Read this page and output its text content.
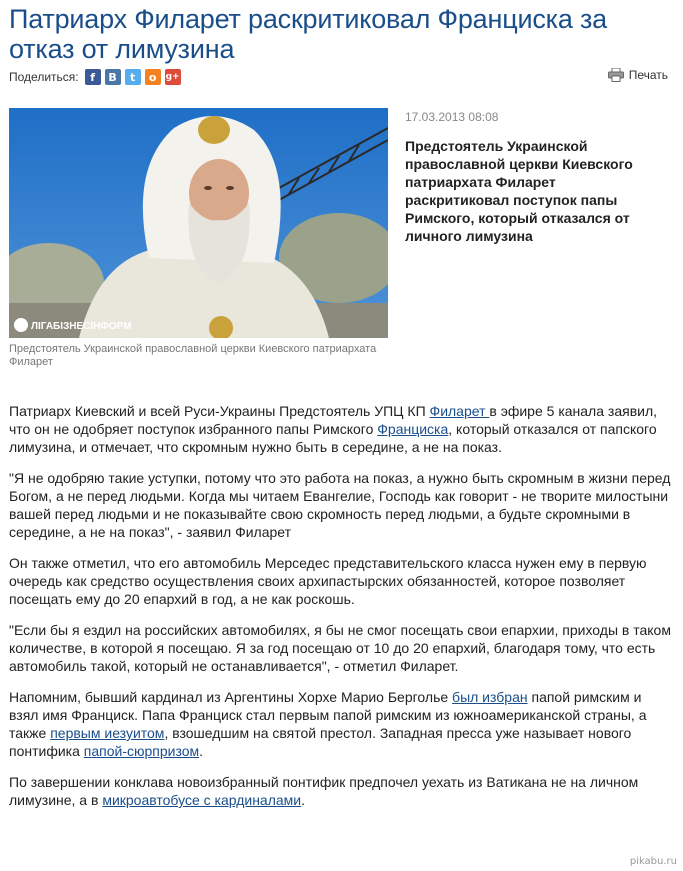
Патриарх Филарет раскритиковал Франциска за отказ от лимузина
Поделиться:	f	В	t	о	g+	Печать
ЛІГАБІЗНЕСІНФОРМ
Предстоятель Украинской православной церкви Киевского патриархата Филарет
17.03.2013 08:08
Предстоятель Украинской православной церкви Киевского патриархата Филарет раскритиковал поступок папы Римского, который отказался от личного лимузина

Патриарх Киевский и всей Руси-Украины Предстоятель УПЦ КП Филарет в эфире 5 канала заявил, что он не одобряет поступок избранного папы Римского Франциска, который отказался от папского лимузина, и отмечает, что скромным нужно быть в середине, а не на показ.

"Я не одобряю такие уступки, потому что это работа на показ, а нужно быть скромным в жизни перед Богом, а не перед людьми. Когда мы читаем Евангелие, Господь как говорит - не творите милостыни вашей перед людьми и не показывайте свою скромность перед людьми, а будьте скромными в середине, а не на показ", - заявил Филарет

Он также отметил, что его автомобиль Мерседес представительского класса нужен ему в первую очередь как средство осуществления своих архипастырских обязанностей, которое позволяет посещать ему до 20 епархий в год, а не как роскошь.

"Если бы я ездил на российских автомобилях, я бы не смог посещать свои епархии, приходы в таком количестве, в которой я посещаю. Я за год посещаю от 10 до 20 епархий, благодаря тому, что есть автомобиль такой, который не останавливается", - отметил Филарет.

Напомним, бывший кардинал из Аргентины Хорхе Марио Берголье был избран папой римским и взял имя Франциск. Папа Франциск стал первым папой римским из южноамериканской страны, а также первым иезуитом, взошедшим на святой престол. Западная пресса уже называет нового понтифика папой-сюрпризом.

По завершении конклава новоизбранный понтифик предпочел уехать из Ватикана не на личном лимузине, а в микроавтобусе с кардиналами.

pikabu.ru
